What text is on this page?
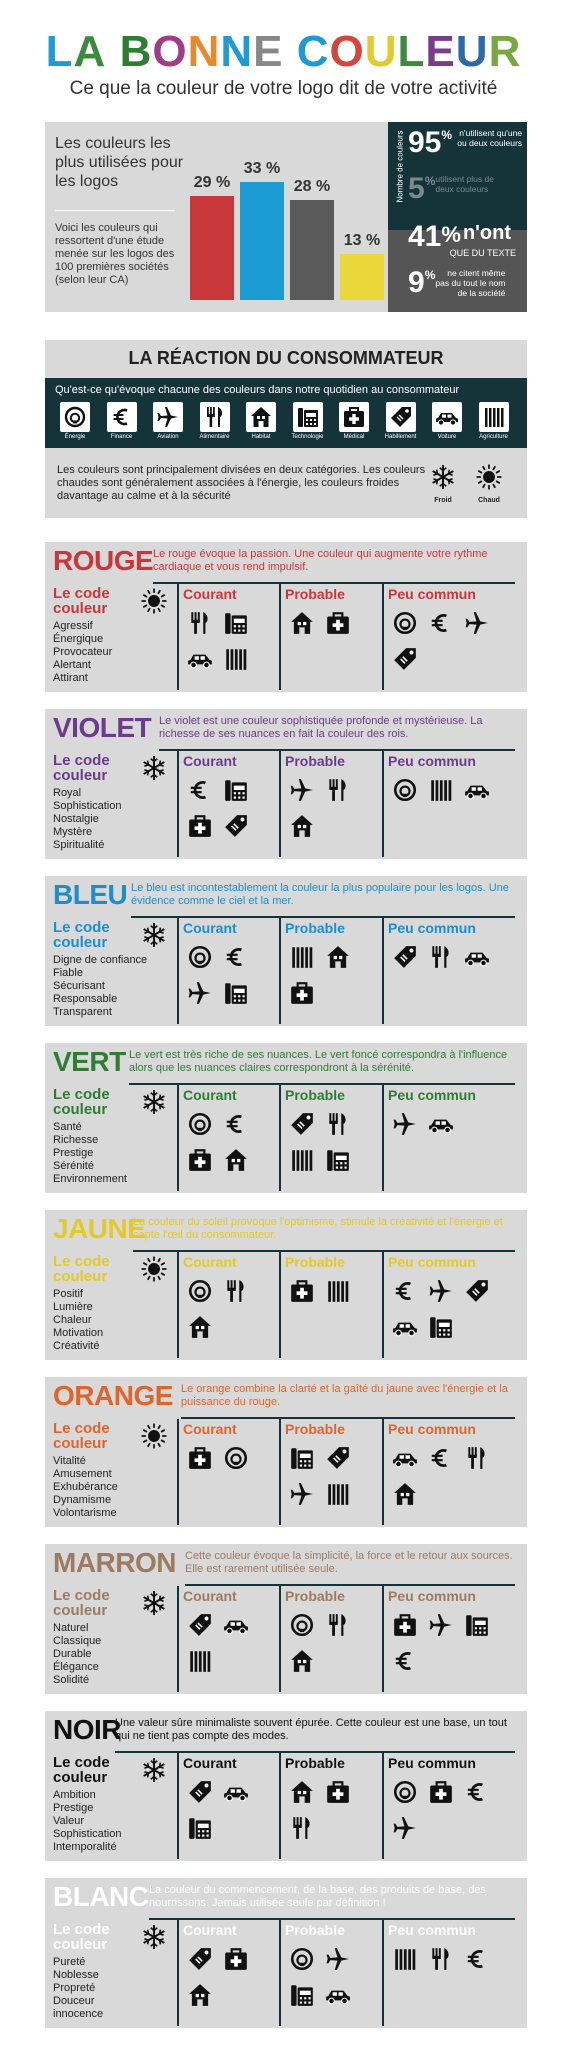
LA BONNE COULEUR
Ce que la couleur de votre logo dit de votre activité
Les couleurs les plus utilisées pour les logos
Voici les couleurs qui ressortent d'une étude menée sur les logos des 100 premières sociétés (selon leur CA)
29 %
33 %
28 %
13 %
Nombre de couleurs 95% n'utilisent qu'une ou deux couleurs
5%utilisent plus de deux couleurs
41% n'ont
QUE DU TEXTE
9% ne citent même pas du tout le nom de la société
LA RÉACTION DU CONSOMMATEUR
Qu'est-ce qu'évoque chacune des couleurs dans notre quotidien au consommateur
Énergie	Finance	Aviation	Alimentaire	Habitat	Technologie	Médical	Habillement	Voiture	Agriculture
Les couleurs sont principalement divisées en deux catégories. Les couleurs chaudes sont généralement associées à l'énergie, les couleurs froides davantage au calme et à la sécurité	Froid	Chaud
ROUGE Le rouge évoque la passion. Une couleur qui augmente votre rythme cardiaque et vous rend impulsif.
Le code couleur
Agressif
Énergique
Provocateur
Alertant
Attirant
Courant	Probable	Peu commun
VIOLET Le violet est une couleur sophistiquée profonde et mystérieuse. La richesse de ses nuances en fait la couleur des rois.
Le code couleur
Royal
Sophistication
Nostalgie
Mystère
Spiritualité
Courant	Probable	Peu commun
BLEU Le bleu est incontestablement la couleur la plus populaire pour les logos. Une évidence comme le ciel et la mer.
Le code couleur
Digne de confiance
Fiable
Sécurisant
Responsable
Transparent
Courant	Probable	Peu commun
VERT Le vert est très riche de ses nuances. Le vert foncé correspondra à l'influence alors que les nuances claires correspondront à la sérénité.
Le code couleur
Santé
Richesse
Prestige
Sérénité
Environnement
Courant	Probable	Peu commun
JAUNE
La couleur du soleil provoque l'optimisme, stimule la créativité et l'énergie et capte l'œil du consommateur.
Le code couleur
Positif
Lumière
Chaleur
Motivation
Créativité
Courant	Probable	Peu commun
ORANGE Le orange combine la clarté et la gaîté du jaune avec l'énergie et la puissance du rouge.
Le code couleur
Vitalité
Amusement
Exhubérance
Dynamisme
Volontarisme
Courant	Probable	Peu commun
MARRON Cette couleur évoque la simplicité, la force et le retour aux sources. Elle est rarement utilisée seule.
Le code couleur
Naturel
Classique
Durable
Élégance
Solidité
Courant	Probable	Peu commun
NOIR
Une valeur sûre minimaliste souvent épurée. Cette couleur est une base, un tout qui ne tient pas compte des modes.
Le code couleur
Ambition
Prestige
Valeur
Sophistication
Intemporalité
Courant	Probable	Peu commun
BLANC La couleur du commencement, de la base, des produits de base, des nourrissons. Jamais utilisée seule par définition !
Le code couleur
Pureté
Noblesse
Propreté
Douceur
innocence
Courant	Probable	Peu commun
